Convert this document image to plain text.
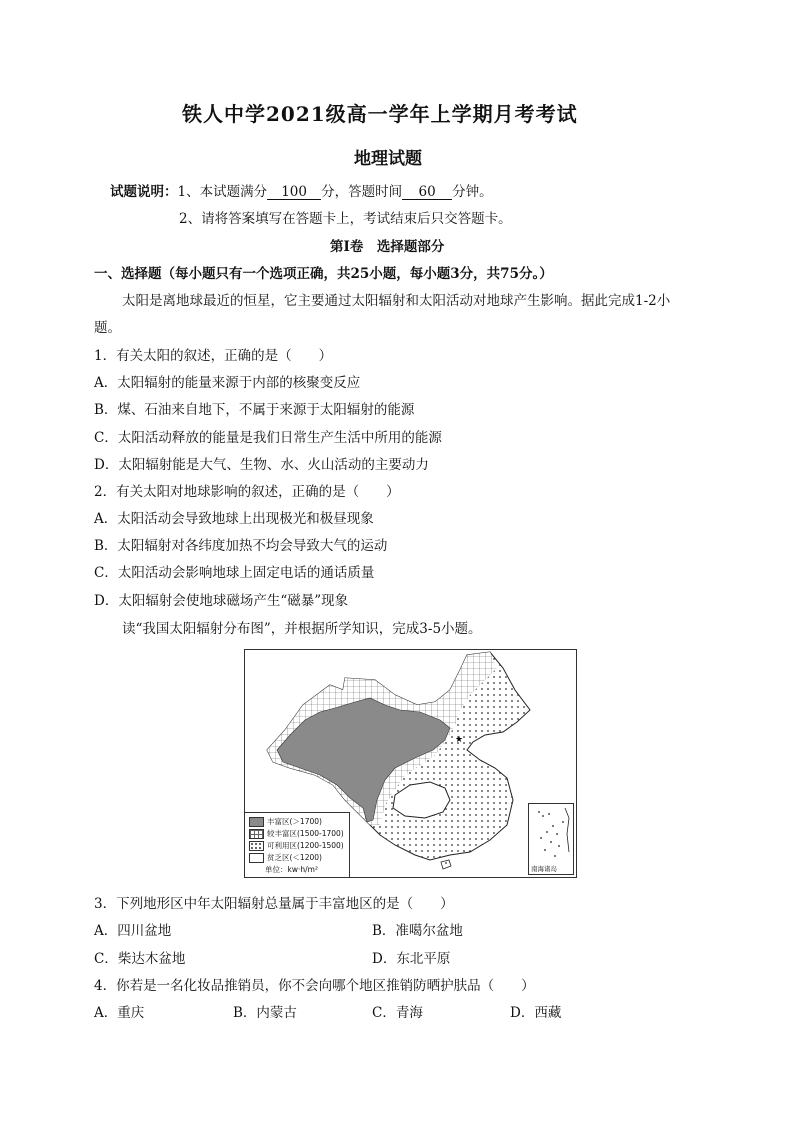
铁人中学2021级高一学年上学期月考考试
地理试题
试题说明：1、本试题满分 100 分，答题时间 60 分钟。
2、请将答案填写在答题卡上，考试结束后只交答题卡。
第Ⅰ卷　选择题部分
一、选择题（每小题只有一个选项正确，共25小题，每小题3分，共75分。）
太阳是离地球最近的恒星，它主要通过太阳辐射和太阳活动对地球产生影响。据此完成1-2小
题。
1．有关太阳的叙述，正确的是（　　）
A．太阳辐射的能量来源于内部的核聚变反应
B．煤、石油来自地下，不属于来源于太阳辐射的能源
C．太阳活动释放的能量是我们日常生产生活中所用的能源
D．太阳辐射能是大气、生物、水、火山活动的主要动力
2．有关太阳对地球影响的叙述，正确的是（　　）
A．太阳活动会导致地球上出现极光和极昼现象
B．太阳辐射对各纬度加热不均会导致大气的运动
C．太阳活动会影响地球上固定电话的通话质量
D．太阳辐射会使地球磁场产生“磁暴”现象
读“我国太阳辐射分布图”，并根据所学知识，完成3-5小题。
★
丰富区(＞1700)
较丰富区(1500-1700)
可利用区(1200-1500)
贫乏区(＜1200)
单位：kw·h/m²	南海诸岛
3．下列地形区中年太阳辐射总量属于丰富地区的是（　　）
A．四川盆地	B．准噶尔盆地
C．柴达木盆地	D．东北平原
4．你若是一名化妆品推销员，你不会向哪个地区推销防晒护肤品（　　）
A．重庆	B．内蒙古	C．青海	D．西藏
